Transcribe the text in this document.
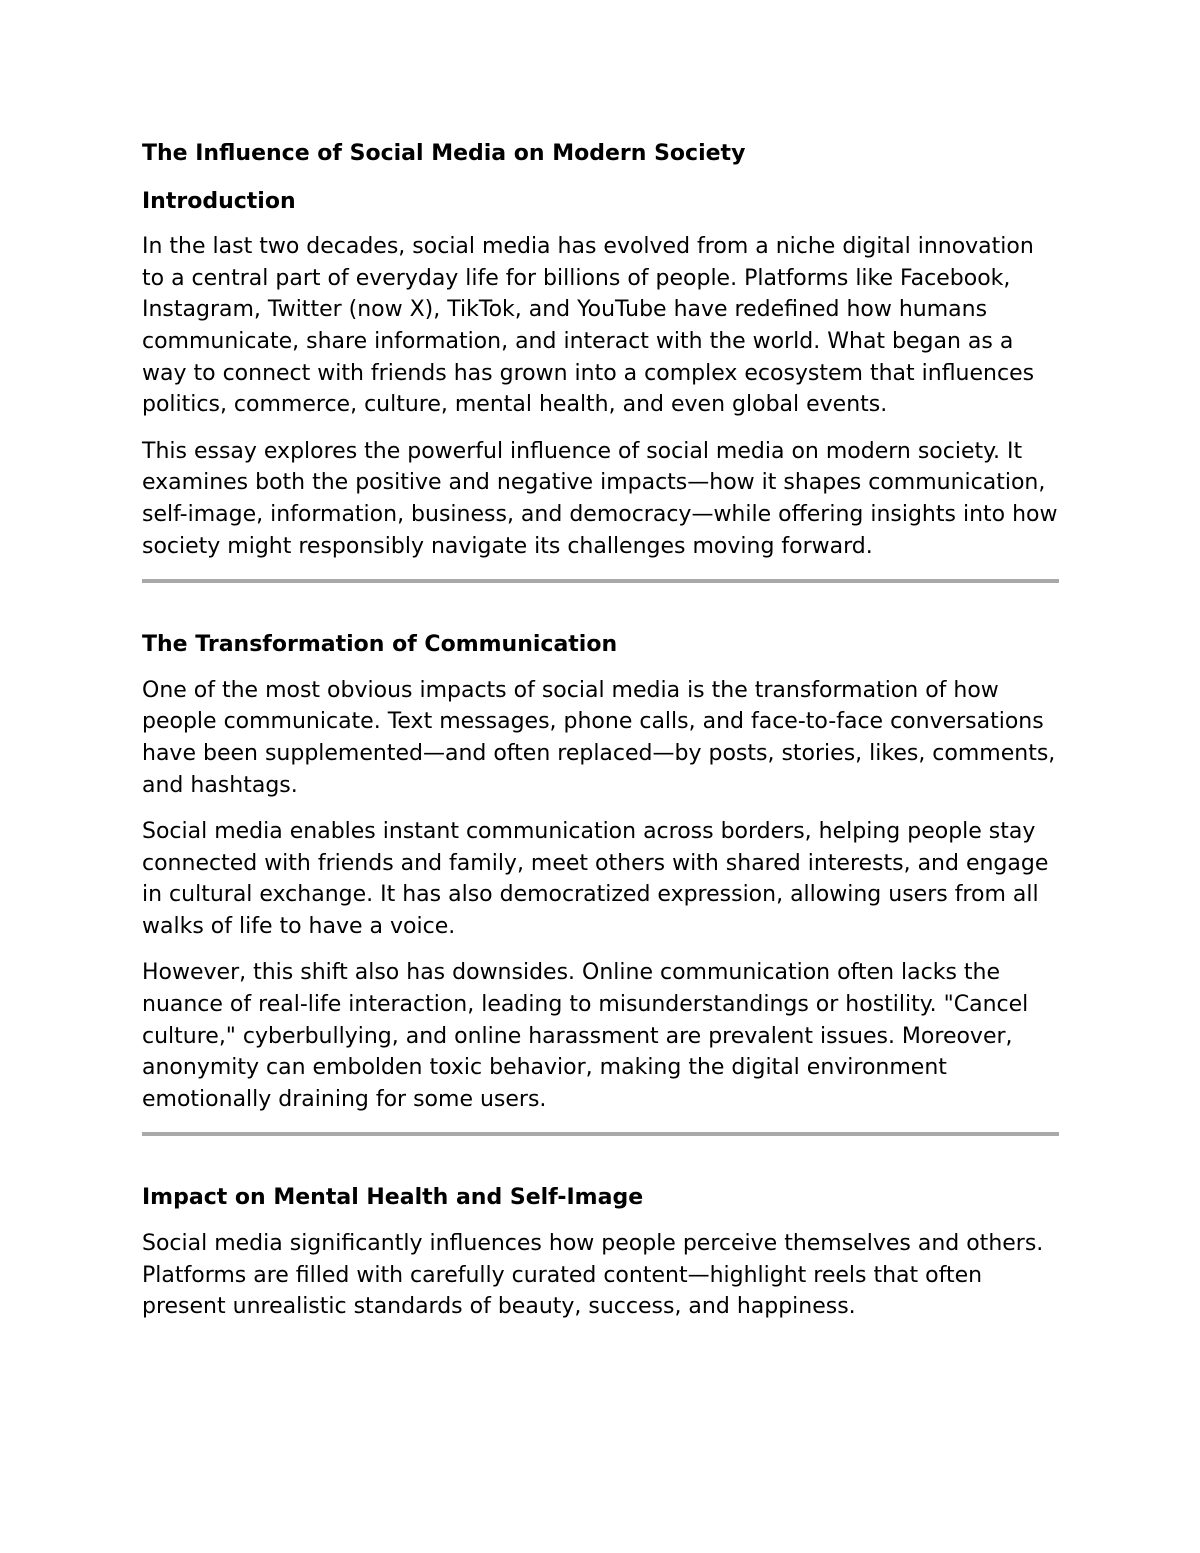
The Influence of Social Media on Modern Society
Introduction

In the last two decades, social media has evolved from a niche digital innovation to a central part of everyday life for billions of people. Platforms like Facebook, Instagram, Twitter (now X), TikTok, and YouTube have redefined how humans communicate, share information, and interact with the world. What began as a way to connect with friends has grown into a complex ecosystem that influences politics, commerce, culture, mental health, and even global events.

This essay explores the powerful influence of social media on modern society. It examines both the positive and negative impacts—how it shapes communication, self-image, information, business, and democracy—while offering insights into how society might responsibly navigate its challenges moving forward.

The Transformation of Communication

One of the most obvious impacts of social media is the transformation of how people communicate. Text messages, phone calls, and face-to-face conversations have been supplemented—and often replaced—by posts, stories, likes, comments, and hashtags.

Social media enables instant communication across borders, helping people stay connected with friends and family, meet others with shared interests, and engage in cultural exchange. It has also democratized expression, allowing users from all walks of life to have a voice.

However, this shift also has downsides. Online communication often lacks the nuance of real-life interaction, leading to misunderstandings or hostility. "Cancel culture," cyberbullying, and online harassment are prevalent issues. Moreover, anonymity can embolden toxic behavior, making the digital environment emotionally draining for some users.

Impact on Mental Health and Self-Image

Social media significantly influences how people perceive themselves and others. Platforms are filled with carefully curated content—highlight reels that often present unrealistic standards of beauty, success, and happiness.
